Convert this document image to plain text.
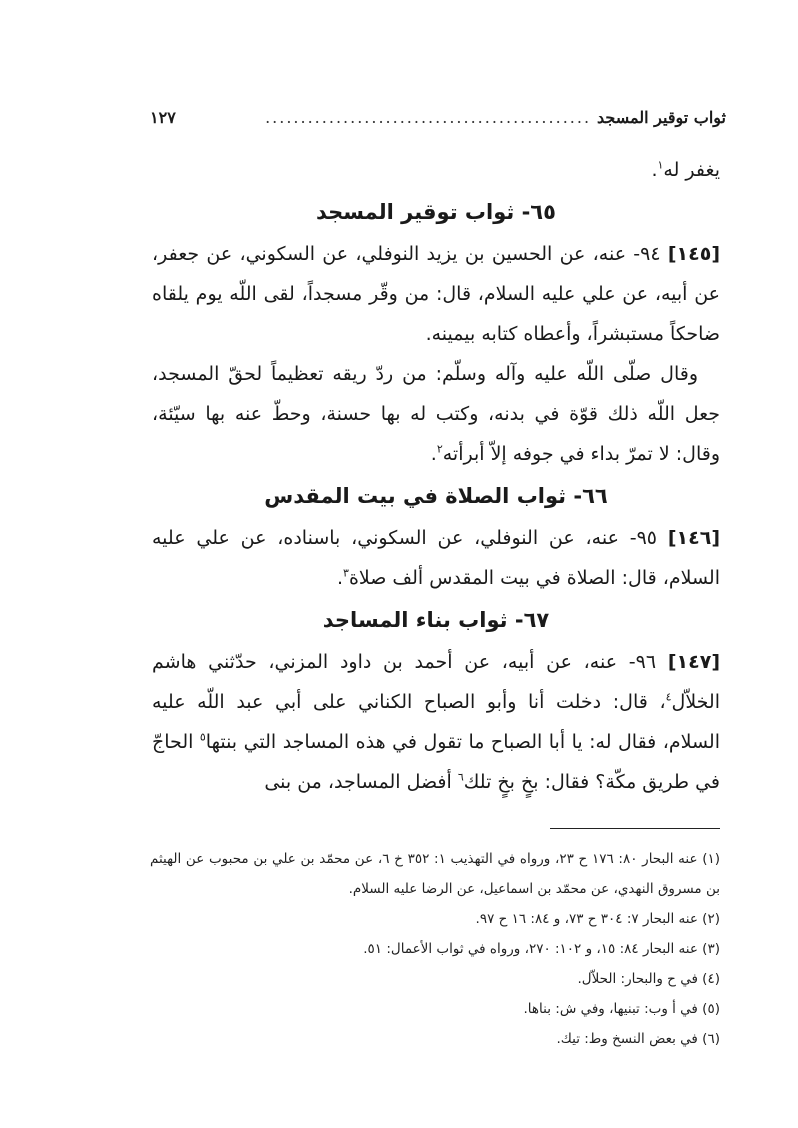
ثواب توقير المسجد
..............................................
١٢٧

يغفر له$^١$.

٦٥- ثواب توقير المسجد

[١٤٥] ٩٤- عنه، عن الحسين بن يزيد النوفلي، عن السكوني، عن جعفر، عن أبيه، عن علي عليه السلام، قال: من وقّر مسجداً، لقى اللّه يوم يلقاه ضاحكاً مستبشراً، وأعطاه كتابه بيمينه.

وقال صلّى اللّه عليه وآله وسلّم: من ردّ ريقه تعظيماً لحقّ المسجد، جعل اللّه ذلك قوّة في بدنه، وكتب له بها حسنة، وحطّ عنه بها سيّئة، وقال: لا تمرّ بداء في جوفه إلاّ أبرأته$^٢$.

٦٦- ثواب الصلاة في بيت المقدس

[١٤٦] ٩٥- عنه، عن النوفلي، عن السكوني، باسناده، عن علي عليه السلام، قال: الصلاة في بيت المقدس ألف صلاة$^٣$.

٦٧- ثواب بناء المساجد

[١٤٧] ٩٦- عنه، عن أبيه، عن أحمد بن داود المزني، حدّثني هاشم الخلاّل$^٤$، قال: دخلت أنا وأبو الصباح الكناني على أبي عبد اللّه عليه السلام، فقال له: يا أبا الصباح ما تقول في هذه المساجد التي بنتها$^٥$ الحاجّ في طريق مكّة؟ فقال: بخٍ بخٍ تلك$^٦$ أفضل المساجد، من بنى

(١) عنه البحار ٨٠: ١٧٦ ح ٢٣، ورواه في التهذيب ١: ٣٥٢ خ ٦، عن محمّد بن علي بن محبوب عن الهيثم بن مسروق النهدي، عن محمّد بن اسماعيل، عن الرضا عليه السلام.

(٢) عنه البحار ٧: ٣٠٤ ح ٧٣، و ٨٤: ١٦ ح ٩٧.

(٣) عنه البحار ٨٤: ١٥، و ١٠٢: ٢٧٠، ورواه في ثواب الأعمال: ٥١.

(٤) في ح والبحار: الحلاّل.

(٥) في أ وب: تبنيها، وفي ش: بناها.

(٦) في بعض النسخ وط: تيك.
